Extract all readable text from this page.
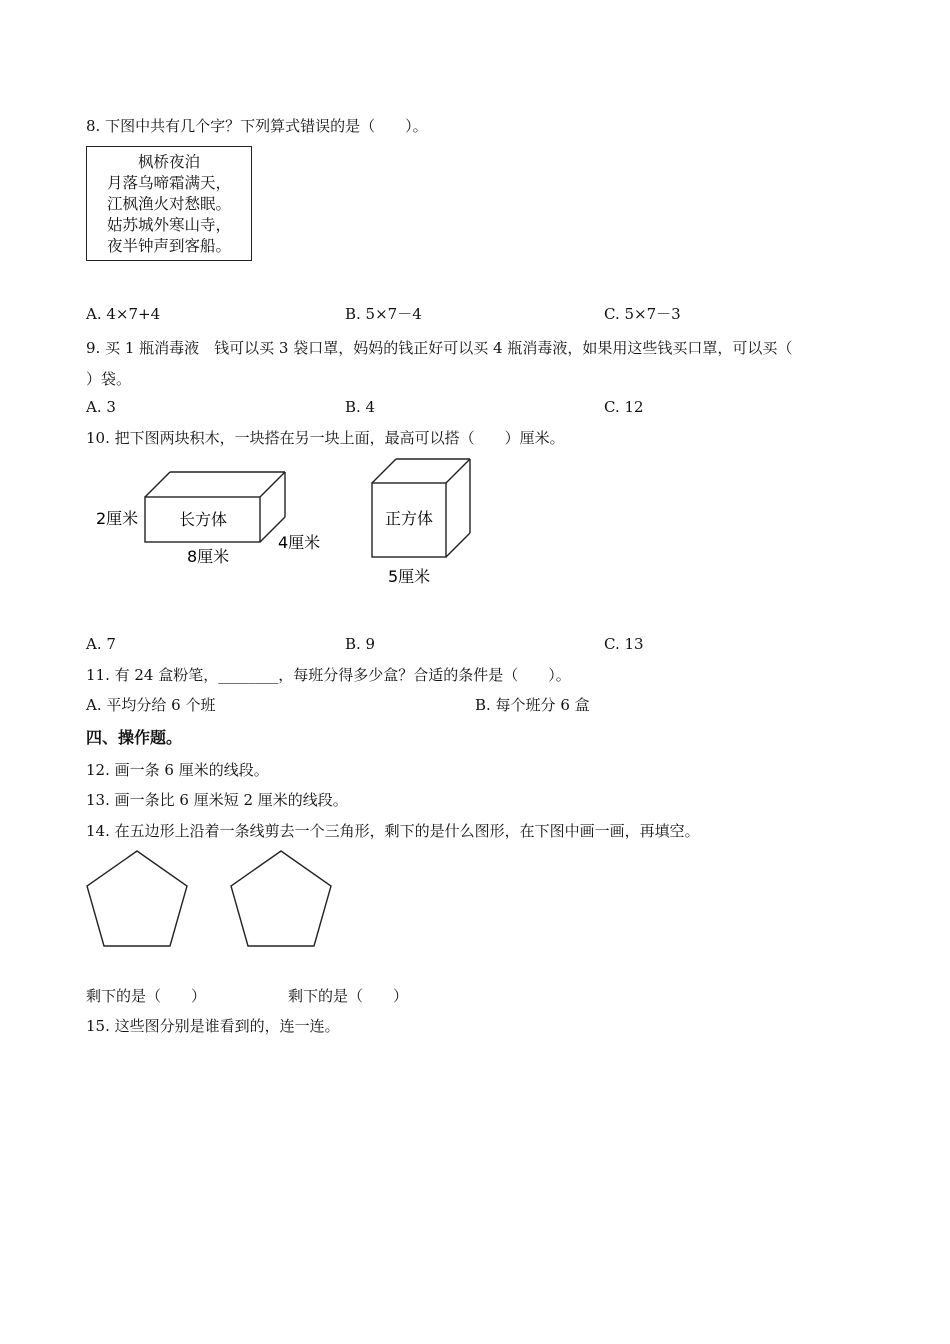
8. 下图中共有几个字？下列算式错误的是（　　）。
枫桥夜泊
月落乌啼霜满天，
江枫渔火对愁眠。
姑苏城外寒山寺，
夜半钟声到客船。
A. 4×7+4	B. 5×7－4	C. 5×7－3
9. 买 1 瓶消毒液　钱可以买 3 袋口罩，妈妈的钱正好可以买 4 瓶消毒液，如果用这些钱买口罩，可以买（
）袋。
A. 3	B. 4	C. 12
10. 把下图两块积木，一块搭在另一块上面，最高可以搭（　　）厘米。
长方体
2厘米
8厘米
4厘米
正方体
5厘米
A. 7	B. 9	C. 13
11. 有 24 盒粉笔，________，每班分得多少盒？合适的条件是（　　）。
A. 平均分给 6 个班	B. 每个班分 6 盒
四、操作题。
12. 画一条 6 厘米的线段。
13. 画一条比 6 厘米短 2 厘米的线段。
14. 在五边形上沿着一条线剪去一个三角形，剩下的是什么图形，在下图中画一画，再填空。
剩下的是（　　）	剩下的是（　　）
15. 这些图分别是谁看到的，连一连。
